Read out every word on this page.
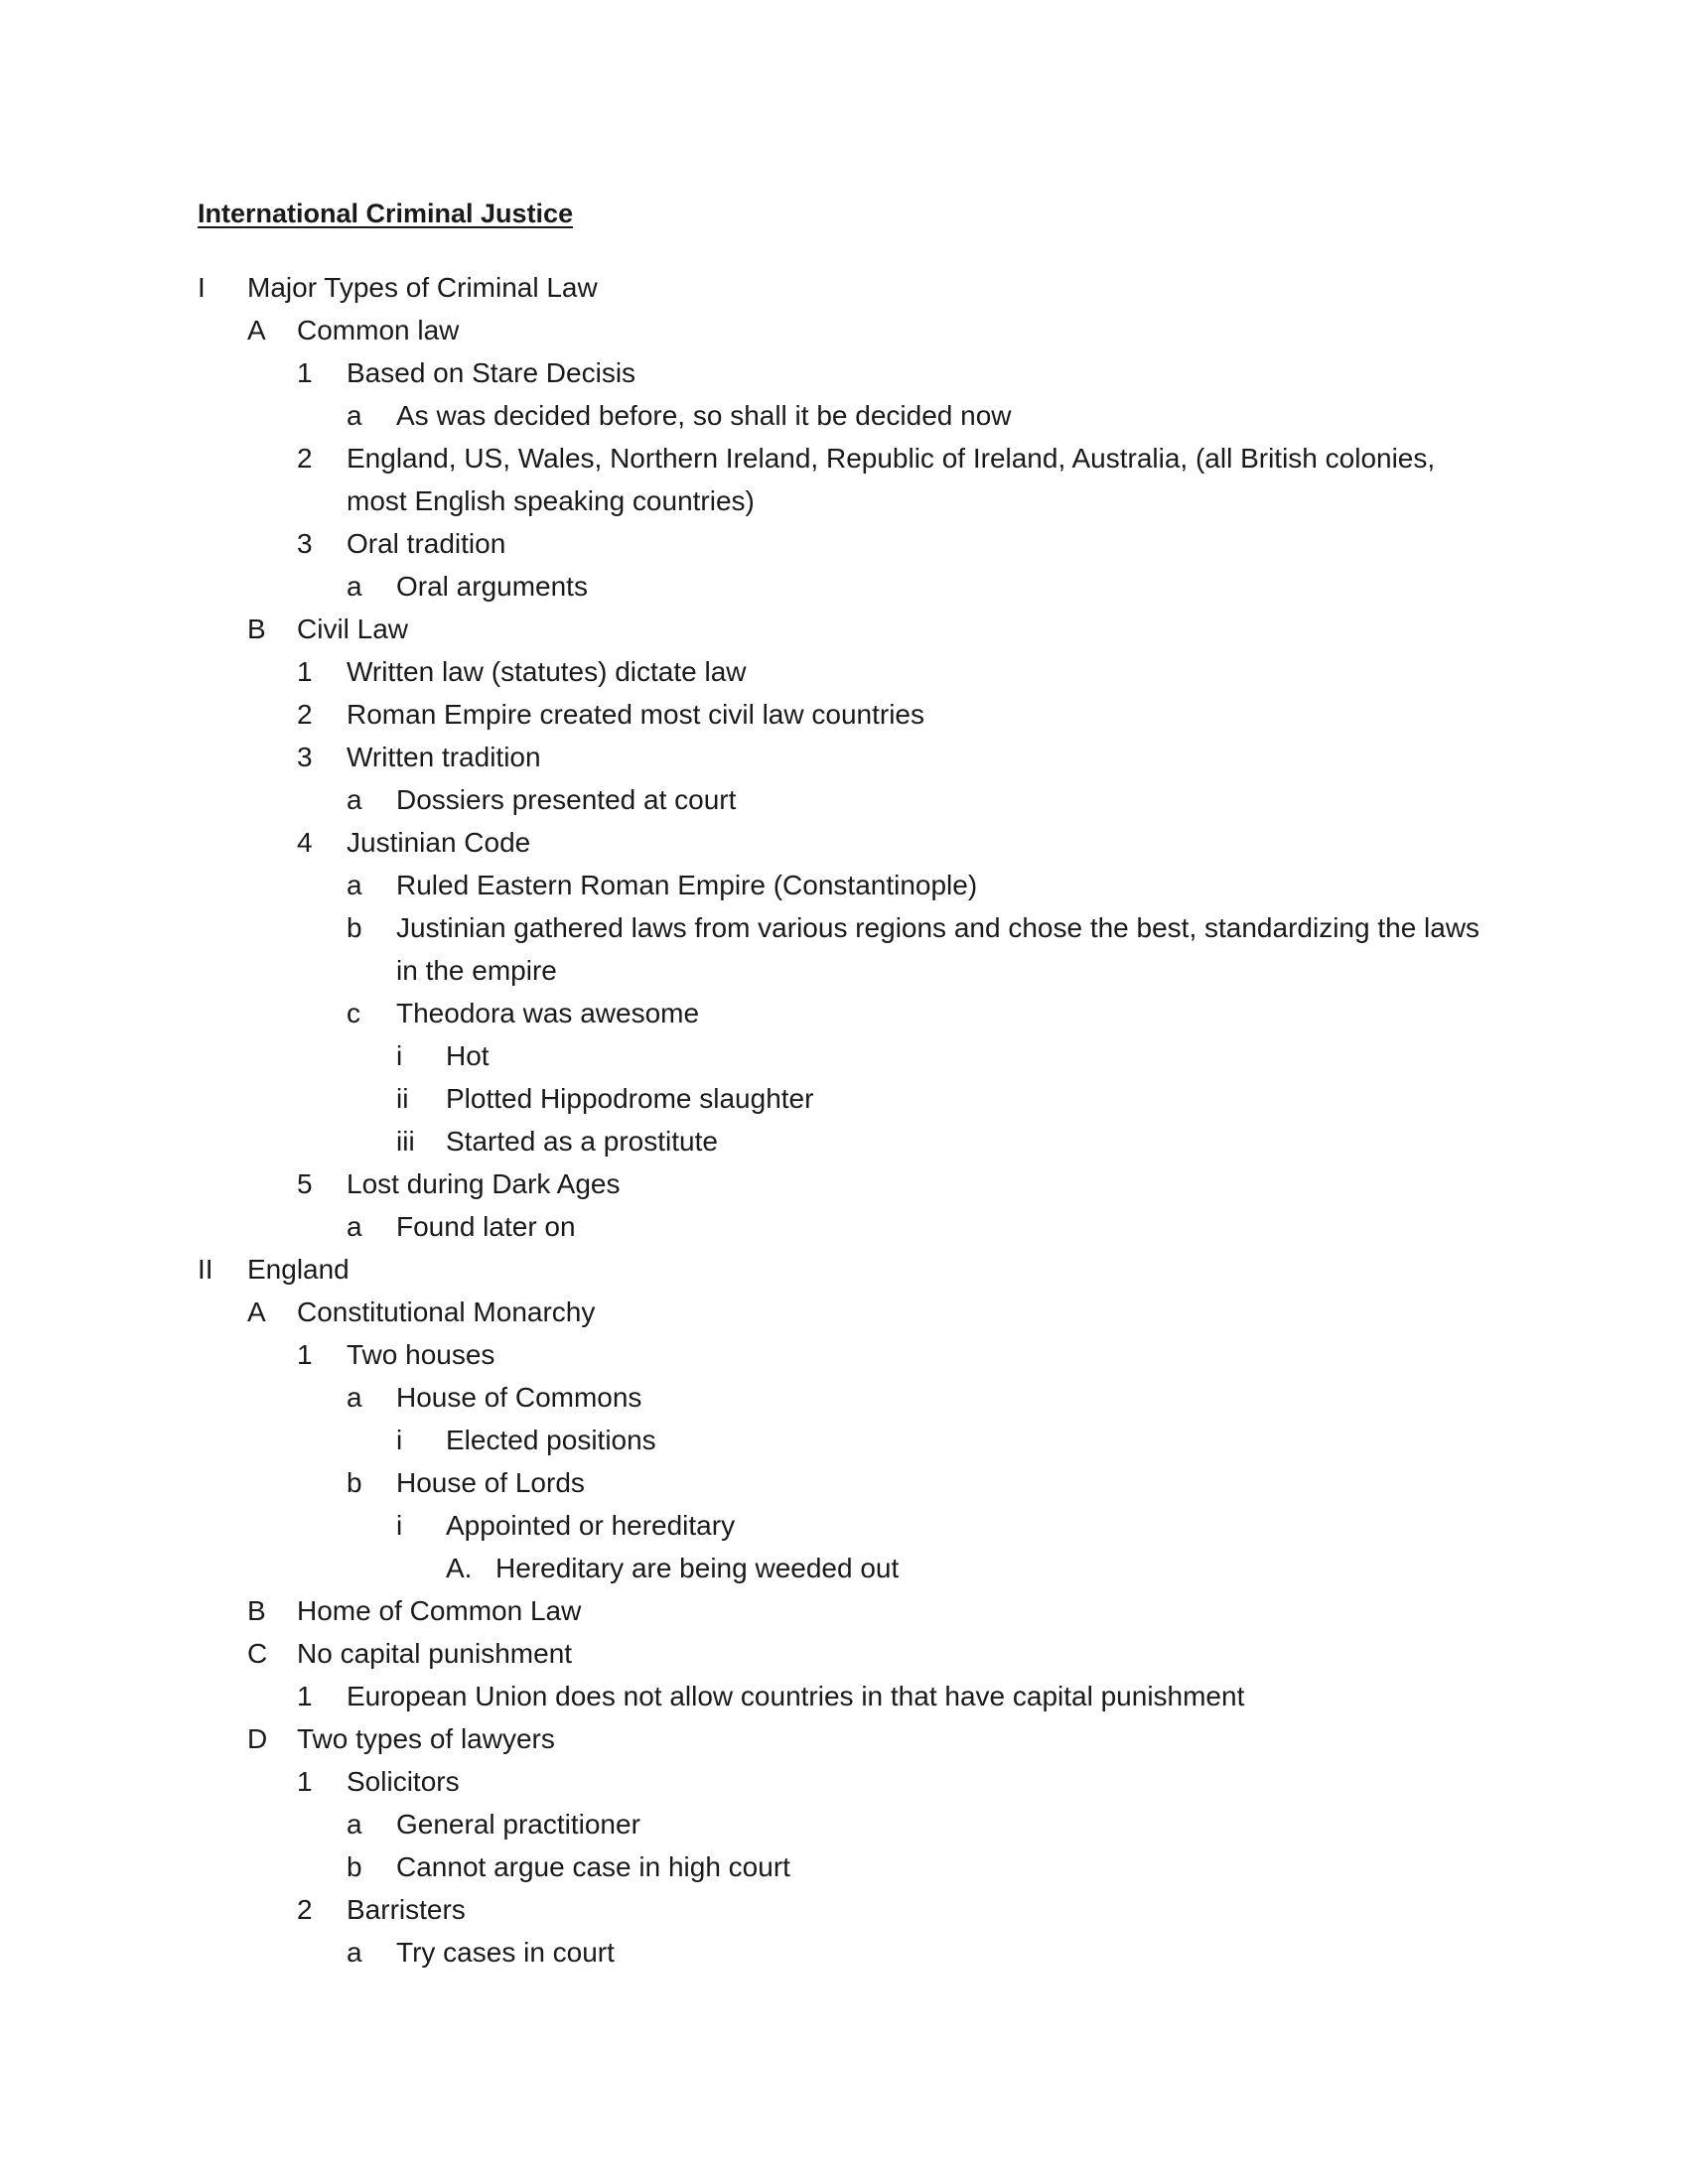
International Criminal Justice
I Major Types of Criminal Law
A Common law
1 Based on Stare Decisis
a As was decided before, so shall it be decided now
2 England, US, Wales, Northern Ireland, Republic of Ireland, Australia, (all British colonies, most English speaking countries)
3 Oral tradition
a Oral arguments
B Civil Law
1 Written law (statutes) dictate law
2 Roman Empire created most civil law countries
3 Written tradition
a Dossiers presented at court
4 Justinian Code
a Ruled Eastern Roman Empire (Constantinople)
b Justinian gathered laws from various regions and chose the best, standardizing the laws in the empire
c Theodora was awesome
i Hot
ii Plotted Hippodrome slaughter
iii Started as a prostitute
5 Lost during Dark Ages
a Found later on
II England
A Constitutional Monarchy
1 Two houses
a House of Commons
i Elected positions
b House of Lords
i Appointed or hereditary
A. Hereditary are being weeded out
B Home of Common Law
C No capital punishment
1 European Union does not allow countries in that have capital punishment
D Two types of lawyers
1 Solicitors
a General practitioner
b Cannot argue case in high court
2 Barristers
a Try cases in court
